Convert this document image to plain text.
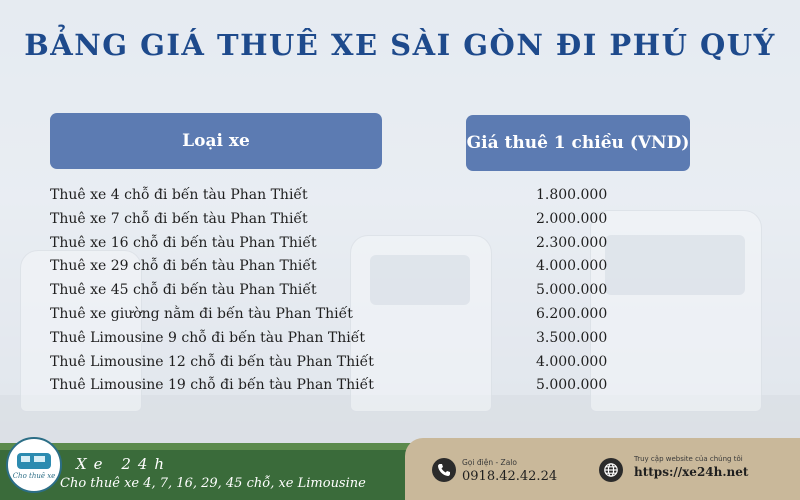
BẢNG GIÁ THUÊ XE SÀI GÒN ĐI PHÚ QUÝ
Loại xe	Giá thuê 1 chiều (VND)
Thuê xe 4 chỗ đi bến tàu Phan Thiết	1.800.000
Thuê xe 7 chỗ đi bến tàu Phan Thiết	2.000.000
Thuê xe 16 chỗ đi bến tàu Phan Thiết	2.300.000
Thuê xe 29 chỗ đi bến tàu Phan Thiết	4.000.000
Thuê xe 45 chỗ đi bến tàu Phan Thiết	5.000.000
Thuê xe giường nằm đi bến tàu Phan Thiết	6.200.000
Thuê Limousine 9 chỗ đi bến tàu Phan Thiết	3.500.000
Thuê Limousine 12 chỗ đi bến tàu Phan Thiết	4.000.000
Thuê Limousine 19 chỗ đi bến tàu Phan Thiết	5.000.000
Cho thuê xe
Xe 24h
Cho thuê xe 4, 7, 16, 29, 45 chỗ, xe Limousine
Gọi điện - Zalo
0918.42.42.24
Truy cập website của chúng tôi
https://xe24h.net
